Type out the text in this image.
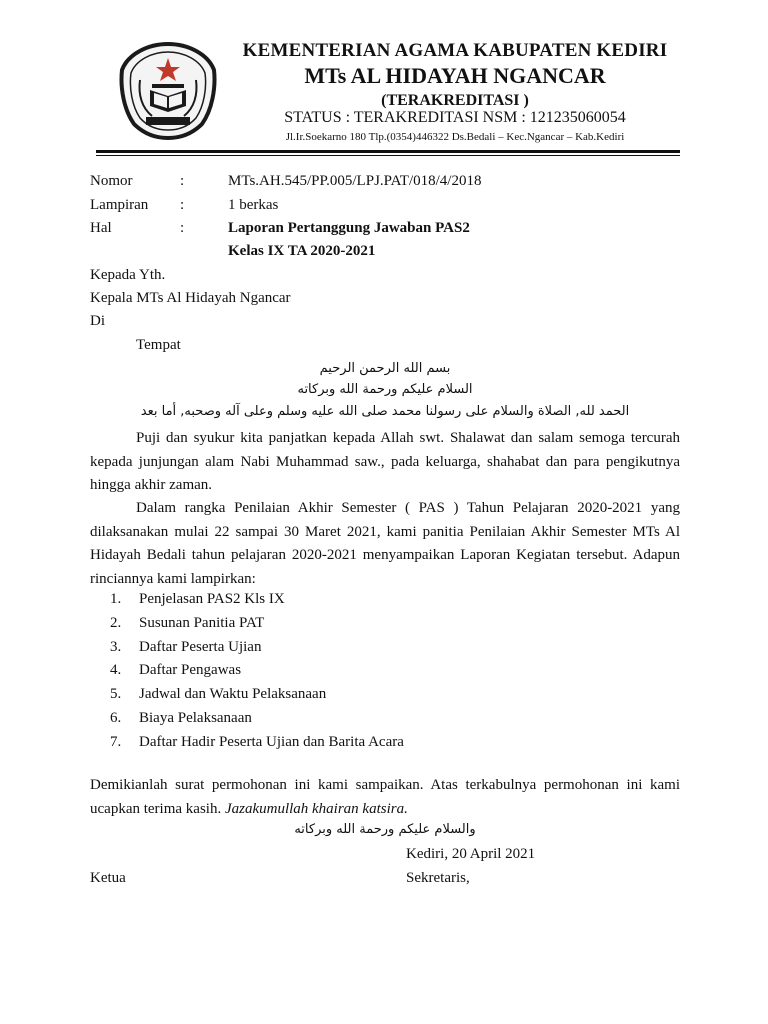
KEMENTERIAN AGAMA KABUPATEN KEDIRI
MTs AL HIDAYAH NGANCAR
(TERAKREDITASI )
STATUS : TERAKREDITASI NSM : 121235060054
Jl.Ir.Soekarno 180 Tlp.(0354)446322 Ds.Bedali – Kec.Ngancar – Kab.Kediri
Nomor	:	MTs.AH.545/PP.005/LPJ.PAT/018/4/2018
Lampiran :	1 berkas
Hal	:	Laporan Pertanggung Jawaban PAS2
Kelas IX TA 2020-2021
Kepada Yth.
Kepala MTs Al Hidayah Ngancar
Di
Tempat
بسم الله الرحمن الرحيم
السلام عليكم ورحمة الله وبركاته
الحمد لله, الصلاة والسلام على رسولنا محمد صلى الله عليه وسلم وعلى آله وصحبه, أما بعد

Puji dan syukur kita panjatkan kepada Allah swt. Shalawat dan salam semoga tercurah kepada junjungan alam Nabi Muhammad saw., pada keluarga, shahabat dan para pengikutnya hingga akhir zaman.

Dalam rangka Penilaian Akhir Semester ( PAS ) Tahun Pelajaran 2020-2021 yang dilaksanakan mulai 22 sampai 30 Maret 2021, kami panitia Penilaian Akhir Semester MTs Al Hidayah Bedali tahun pelajaran 2020-2021 menyampaikan Laporan Kegiatan tersebut. Adapun rinciannya kami lampirkan:

1. Penjelasan PAS2 Kls IX
2. Susunan Panitia PAT
3. Daftar Peserta Ujian
4. Daftar Pengawas
5. Jadwal dan Waktu Pelaksanaan
6. Biaya Pelaksanaan
7. Daftar Hadir Peserta Ujian dan Barita Acara
Demikianlah surat permohonan ini kami sampaikan. Atas terkabulnya permohonan ini kami ucapkan terima kasih. Jazakumullah khairan katsira.
والسلام عليكم ورحمة الله وبركاته
Kediri, 20 April 2021
Ketua	Sekretaris,
